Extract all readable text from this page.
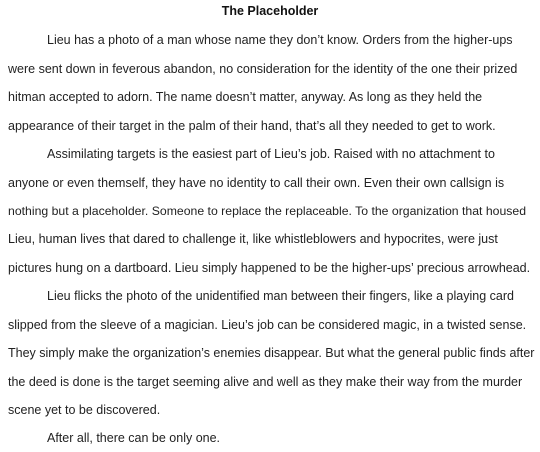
The Placeholder
Lieu has a photo of a man whose name they don’t know. Orders from the higher-ups
were sent down in feverous abandon, no consideration for the identity of the one their prized
hitman accepted to adorn. The name doesn’t matter, anyway. As long as they held the
appearance of their target in the palm of their hand, that’s all they needed to get to work.
Assimilating targets is the easiest part of Lieu’s job. Raised with no attachment to
anyone or even themself, they have no identity to call their own. Even their own callsign is
nothing but a placeholder. Someone to replace the replaceable. To the organization that housed
Lieu, human lives that dared to challenge it, like whistleblowers and hypocrites, were just
pictures hung on a dartboard. Lieu simply happened to be the higher-ups’ precious arrowhead.
Lieu flicks the photo of the unidentified man between their fingers, like a playing card
slipped from the sleeve of a magician. Lieu’s job can be considered magic, in a twisted sense.
They simply make the organization’s enemies disappear. But what the general public finds after
the deed is done is the target seeming alive and well as they make their way from the murder
scene yet to be discovered.
After all, there can be only one.
